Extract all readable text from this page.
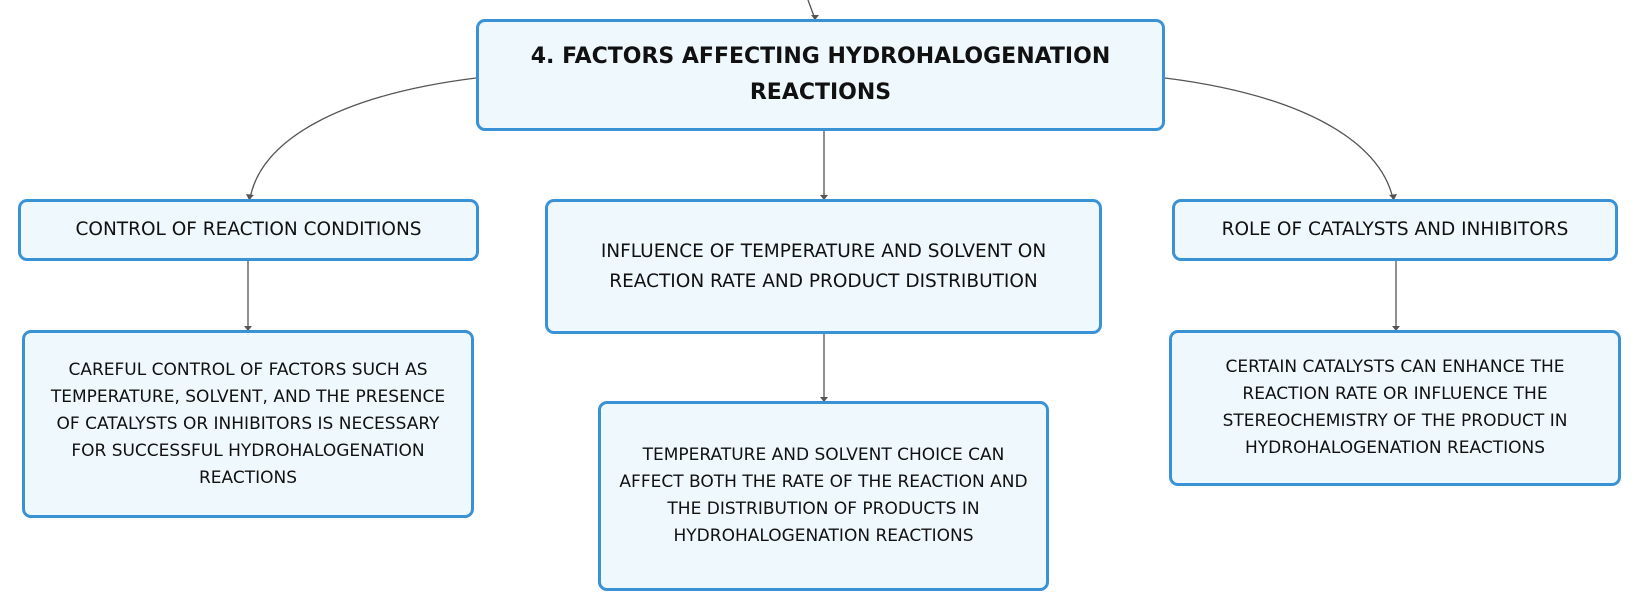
4. FACTORS AFFECTING HYDROHALOGENATION REACTIONS
CONTROL OF REACTION CONDITIONS
INFLUENCE OF TEMPERATURE AND SOLVENT ON REACTION RATE AND PRODUCT DISTRIBUTION
ROLE OF CATALYSTS AND INHIBITORS
CAREFUL CONTROL OF FACTORS SUCH AS TEMPERATURE, SOLVENT, AND THE PRESENCE OF CATALYSTS OR INHIBITORS IS NECESSARY FOR SUCCESSFUL HYDROHALOGENATION REACTIONS
TEMPERATURE AND SOLVENT CHOICE CAN AFFECT BOTH THE RATE OF THE REACTION AND THE DISTRIBUTION OF PRODUCTS IN HYDROHALOGENATION REACTIONS
CERTAIN CATALYSTS CAN ENHANCE THE REACTION RATE OR INFLUENCE THE STEREOCHEMISTRY OF THE PRODUCT IN HYDROHALOGENATION REACTIONS
